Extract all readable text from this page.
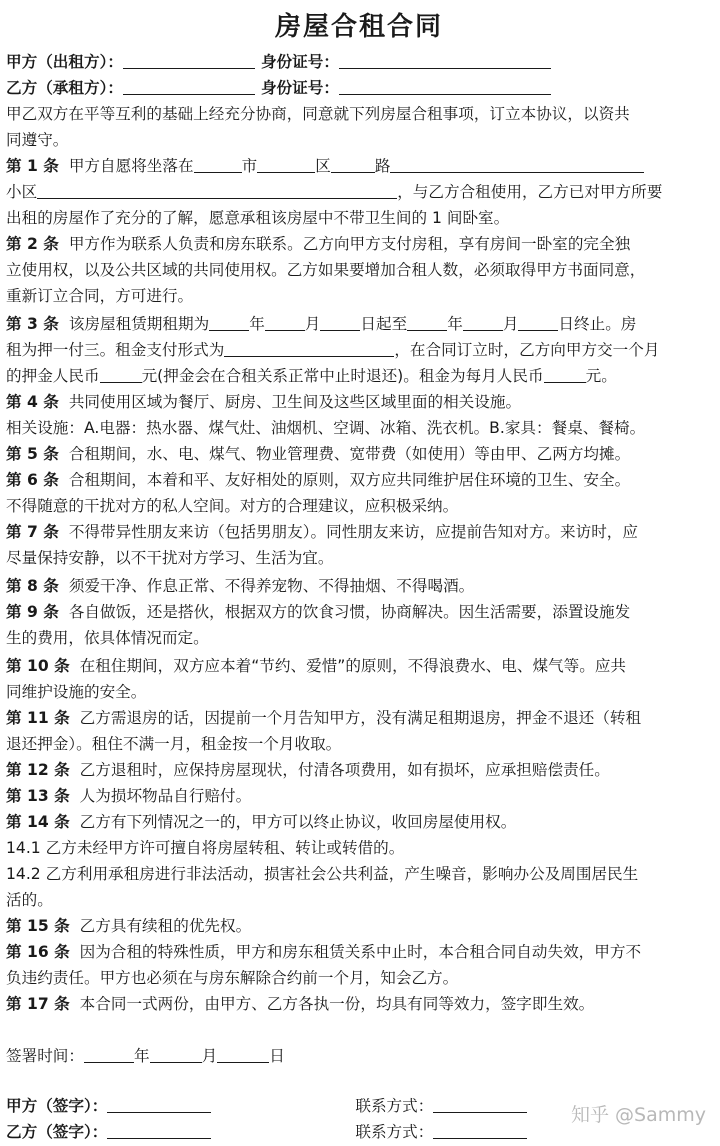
房屋合租合同
甲方（出租方）：	身份证号：
乙方（承租方）：	身份证号：
甲乙双方在平等互利的基础上经充分协商，同意就下列房屋合租事项，订立本协议，以资共
同遵守。
第 1 条 甲方自愿将坐落在	市	区	路
小区	，与乙方合租使用，乙方已对甲方所要
出租的房屋作了充分的了解，愿意承租该房屋中不带卫生间的 1 间卧室。
第 2 条 甲方作为联系人负责和房东联系。乙方向甲方支付房租，享有房间一卧室的完全独
立使用权，以及公共区域的共同使用权。乙方如果要增加合租人数，必须取得甲方书面同意，
重新订立合同，方可进行。
第 3 条 该房屋租赁期租期为	年	月	日起至	年	月	日终止。房
租为押一付三。租金支付形式为	，在合同订立时，乙方向甲方交一个月
的押金人民币	元(押金会在合租关系正常中止时退还)。租金为每月人民币	元。
第 4 条 共同使用区域为餐厅、厨房、卫生间及这些区域里面的相关设施。
相关设施：A.电器：热水器、煤气灶、油烟机、空调、冰箱、洗衣机。B.家具：餐桌、餐椅。
第 5 条 合租期间，水、电、煤气、物业管理费、宽带费（如使用）等由甲、乙两方均摊。
第 6 条 合租期间，本着和平、友好相处的原则，双方应共同维护居住环境的卫生、安全。
不得随意的干扰对方的私人空间。对方的合理建议，应积极采纳。
第 7 条 不得带异性朋友来访（包括男朋友）。同性朋友来访，应提前告知对方。来访时，应
尽量保持安静，以不干扰对方学习、生活为宜。
第 8 条 须爱干净、作息正常、不得养宠物、不得抽烟、不得喝酒。
第 9 条 各自做饭，还是搭伙，根据双方的饮食习惯，协商解决。因生活需要，添置设施发
生的费用，依具体情况而定。
第 10 条 在租住期间，双方应本着“节约、爱惜”的原则，不得浪费水、电、煤气等。应共
同维护设施的安全。
第 11 条 乙方需退房的话，因提前一个月告知甲方，没有满足租期退房，押金不退还（转租
退还押金）。租住不满一月，租金按一个月收取。
第 12 条 乙方退租时，应保持房屋现状，付清各项费用，如有损坏，应承担赔偿责任。
第 13 条 人为损坏物品自行赔付。
第 14 条 乙方有下列情况之一的，甲方可以终止协议，收回房屋使用权。
14.1 乙方未经甲方许可擅自将房屋转租、转让或转借的。
14.2 乙方利用承租房进行非法活动，损害社会公共利益，产生噪音，影响办公及周围居民生
活的。
第 15 条 乙方具有续租的优先权。
第 16 条 因为合租的特殊性质，甲方和房东租赁关系中止时，本合租合同自动失效，甲方不
负违约责任。甲方也必须在与房东解除合约前一个月，知会乙方。
第 17 条 本合同一式两份，由甲方、乙方各执一份，均具有同等效力，签字即生效。
签署时间：	年	月	日
甲方（签字）：	联系方式：
乙方（签字）：	联系方式：
知乎 @Sammy
